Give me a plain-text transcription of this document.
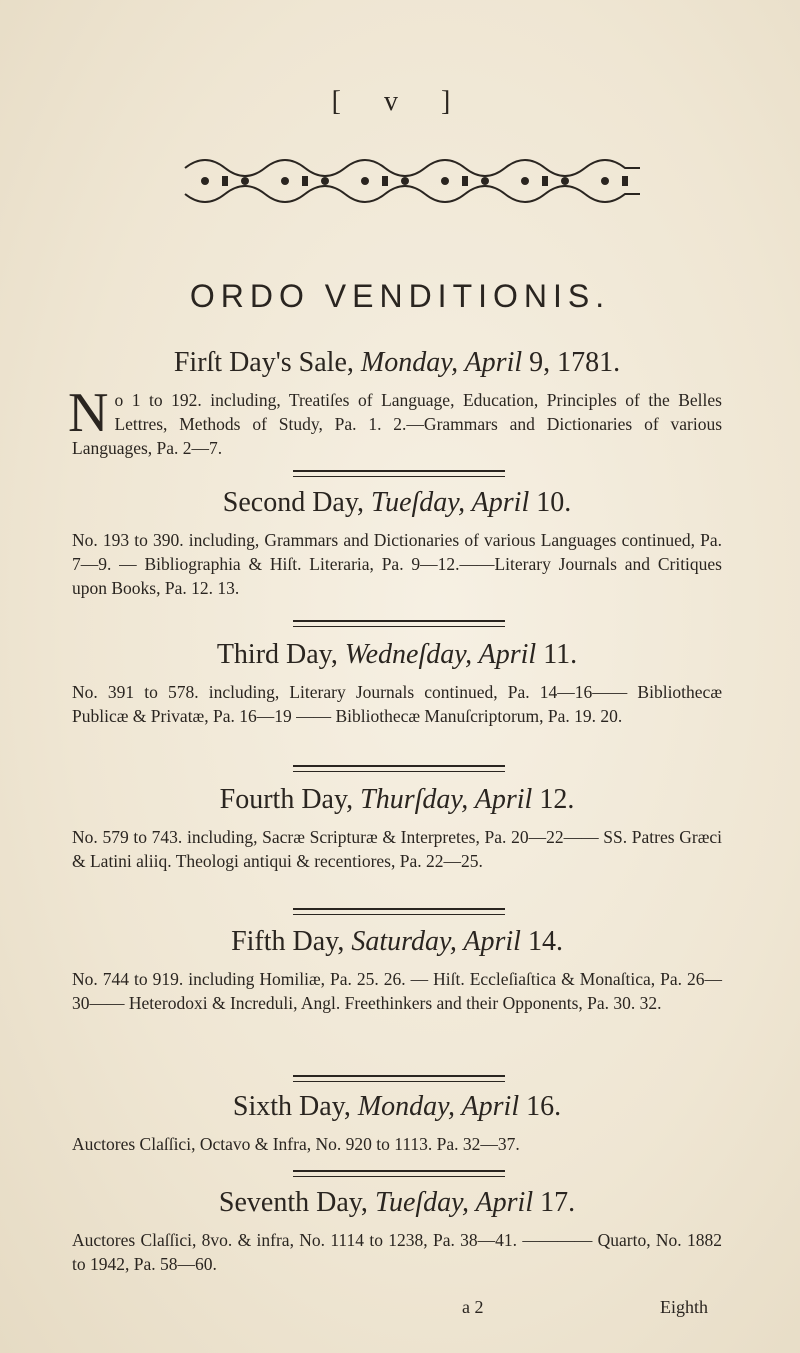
[ v ]
ORDO VENDITIONIS.
Firſt Day's Sale, Monday, April 9, 1781.

No 1 to 192. including, Treatiſes of Language, Education, Principles of the Belles Lettres, Methods of Study, Pa. 1. 2.—Grammars and Dictionaries of various Languages, Pa. 2—7.

Second Day, Tueſday, April 10.

No. 193 to 390. including, Grammars and Dictionaries of various Languages continued, Pa. 7—9. — Bibliographia & Hiſt. Literaria, Pa. 9—12.——Literary Journals and Critiques upon Books, Pa. 12. 13.

Third Day, Wedneſday, April 11.

No. 391 to 578. including, Literary Journals continued, Pa. 14—16—— Bibliothecæ Publicæ & Privatæ, Pa. 16—19 —— Bibliothecæ Manuſcriptorum, Pa. 19. 20.

Fourth Day, Thurſday, April 12.

No. 579 to 743. including, Sacræ Scripturæ & Interpretes, Pa. 20—22—— SS. Patres Græci & Latini aliiq. Theologi antiqui & recentiores, Pa. 22—25.

Fifth Day, Saturday, April 14.

No. 744 to 919. including Homiliæ, Pa. 25. 26. — Hiſt. Eccleſiaſtica & Monaſtica, Pa. 26—30—— Heterodoxi & Increduli, Angl. Freethinkers and their Opponents, Pa. 30. 32.

Sixth Day, Monday, April 16.

Auctores Claſſici, Octavo & Infra, No. 920 to 1113. Pa. 32—37.

Seventh Day, Tueſday, April 17.

Auctores Claſſici, 8vo. & infra, No. 1114 to 1238, Pa. 38—41. ———— Quarto, No. 1882 to 1942, Pa. 58—60.

a 2	Eighth
